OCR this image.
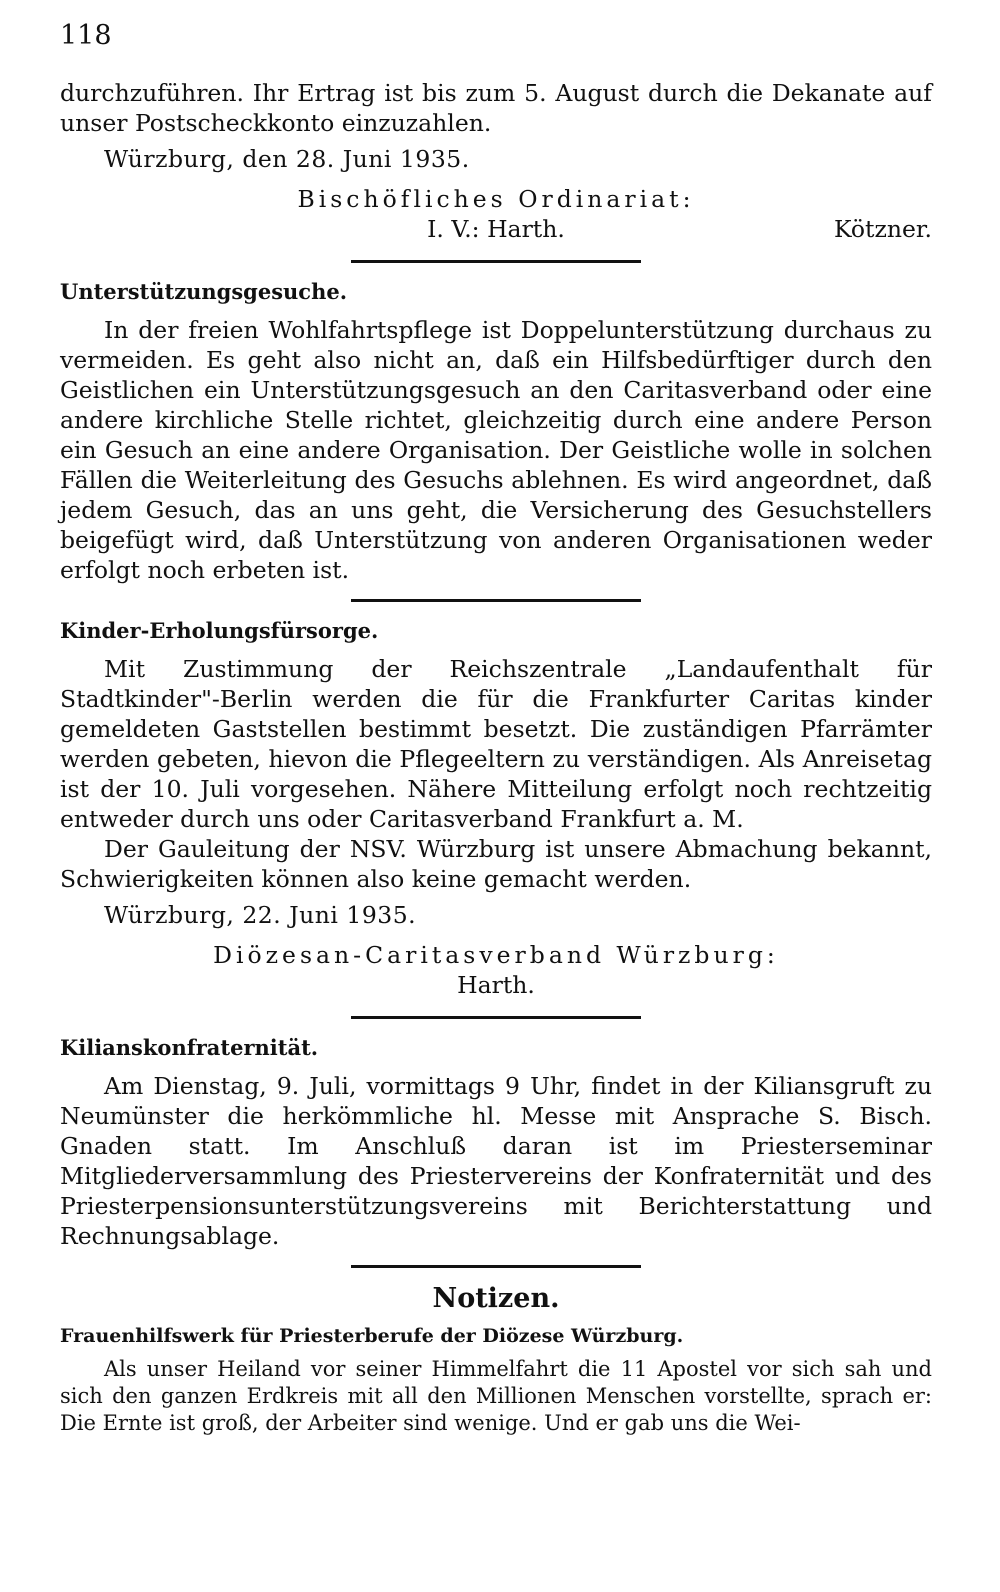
118

durchzuführen. Ihr Ertrag ist bis zum 5. August durch die Dekanate auf unser Postscheckkonto einzuzahlen.

Würzburg, den 28. Juni 1935.
Bischöfliches Ordinariat:
I. V.: Harth.	Kötzner.
Unterstützungsgesuche.

In der freien Wohlfahrtspflege ist Doppelunterstützung durchaus zu vermeiden. Es geht also nicht an, daß ein Hilfsbedürftiger durch den Geistlichen ein Unterstützungsgesuch an den Caritasverband oder eine andere kirchliche Stelle richtet, gleichzeitig durch eine andere Person ein Gesuch an eine andere Organisation. Der Geistliche wolle in solchen Fällen die Weiterleitung des Gesuchs ablehnen. Es wird angeordnet, daß jedem Gesuch, das an uns geht, die Versicherung des Gesuchstellers beigefügt wird, daß Unterstützung von anderen Organisationen weder erfolgt noch erbeten ist.

Kinder-Erholungsfürsorge.

Mit Zustimmung der Reichszentrale „Landaufenthalt für Stadtkinder"-Berlin werden die für die Frankfurter Caritas kinder gemeldeten Gaststellen bestimmt besetzt. Die zuständigen Pfarrämter werden gebeten, hievon die Pflegeeltern zu verständigen. Als Anreisetag ist der 10. Juli vorgesehen. Nähere Mitteilung erfolgt noch rechtzeitig entweder durch uns oder Caritasverband Frankfurt a. M.

Der Gauleitung der NSV. Würzburg ist unsere Abmachung bekannt, Schwierigkeiten können also keine gemacht werden.

Würzburg, 22. Juni 1935.
Diözesan-Caritasverband Würzburg:
Harth.
Kilianskonfraternität.

Am Dienstag, 9. Juli, vormittags 9 Uhr, findet in der Kiliansgruft zu Neumünster die herkömmliche hl. Messe mit Ansprache S. Bisch. Gnaden statt. Im Anschluß daran ist im Priesterseminar Mitgliederversammlung des Priestervereins der Konfraternität und des Priesterpensionsunterstützungsvereins mit Berichterstattung und Rechnungsablage.

Notizen.
Frauenhilfswerk für Priesterberufe der Diözese Würzburg.

Als unser Heiland vor seiner Himmelfahrt die 11 Apostel vor sich sah und sich den ganzen Erdkreis mit all den Millionen Menschen vorstellte, sprach er: Die Ernte ist groß, der Arbeiter sind wenige. Und er gab uns die Wei-
